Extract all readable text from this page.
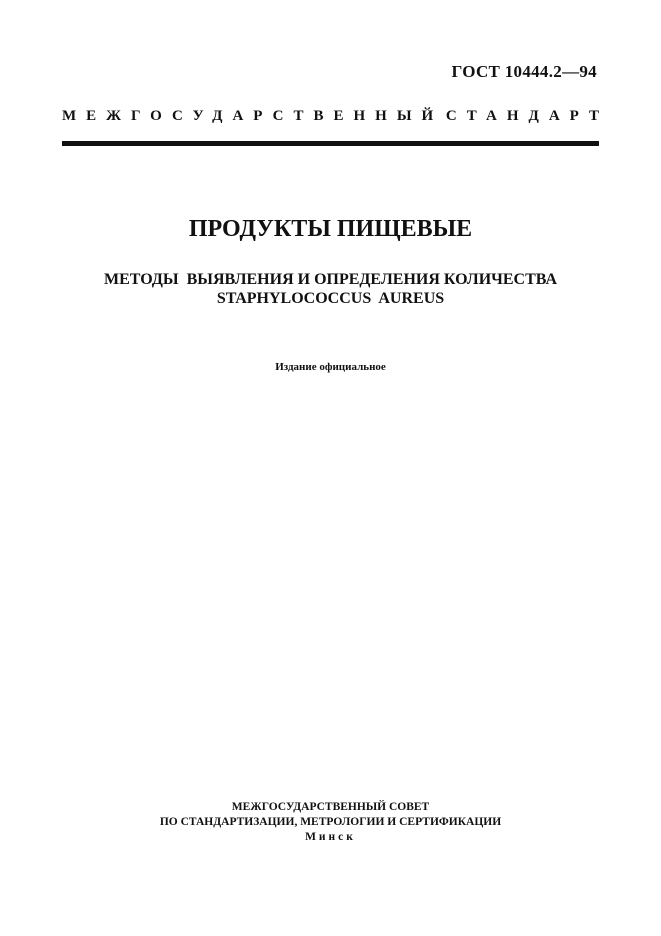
ГОСТ 10444.2—94
МЕЖГОСУДАРСТВЕННЫЙ СТАНДАРТ
ПРОДУКТЫ ПИЩЕВЫЕ
МЕТОДЫ  ВЫЯВЛЕНИЯ И ОПРЕДЕЛЕНИЯ КОЛИЧЕСТВА
STAPHYLOCOCCUS  AUREUS
Издание официальное
МЕЖГОСУДАРСТВЕННЫЙ СОВЕТ
ПО СТАНДАРТИЗАЦИИ, МЕТРОЛОГИИ И СЕРТИФИКАЦИИ
Минск
